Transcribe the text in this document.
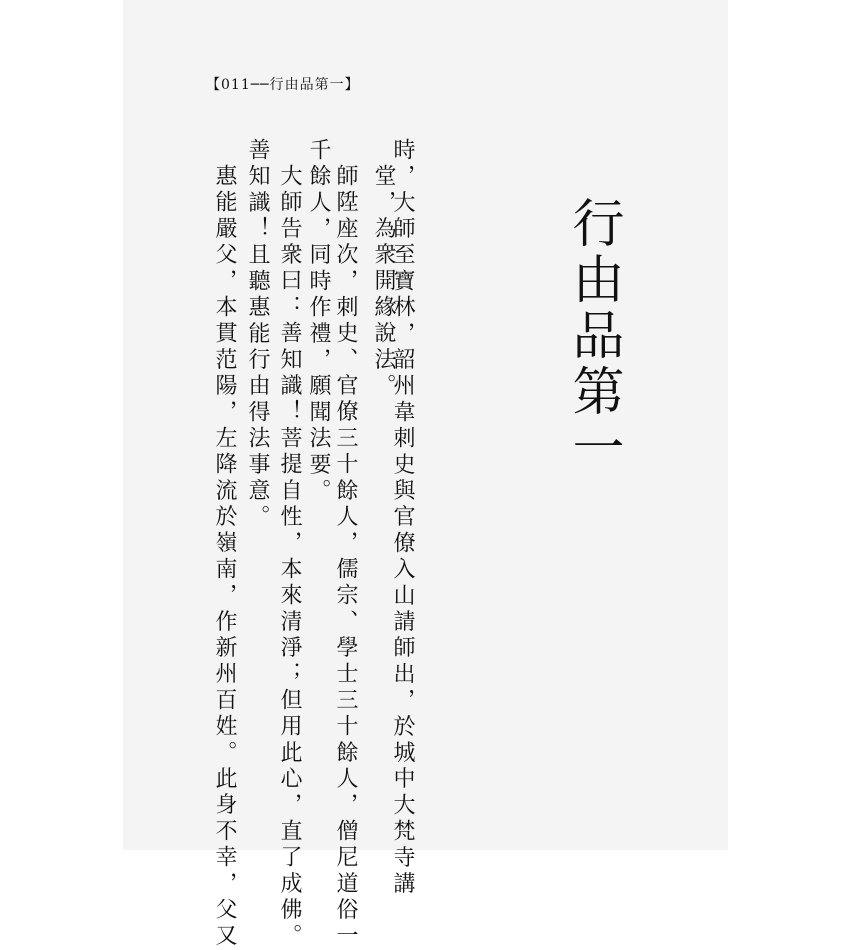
【011──行由品第一】
行由品第一
時，大師至寶林，韶州韋刺史與官僚入山請師出，於城中大梵寺講
堂，為衆開緣說法。
師陞座次，刺史、官僚三十餘人，儒宗、學士三十餘人，僧尼道俗一
千餘人，同時作禮，願聞法要。
大師告衆曰：善知識！菩提自性，本來清淨；但用此心，直了成佛。
善知識！且聽惠能行由得法事意。
惠能嚴父，本貫范陽，左降流於嶺南，作新州百姓。此身不幸，父又
